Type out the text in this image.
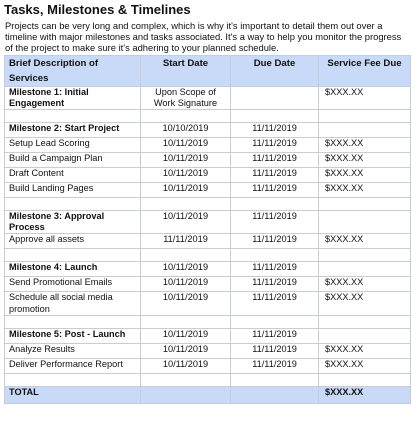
Tasks, Milestones & Timelines
Projects can be very long and complex, which is why it's important to detail them out over a timeline with major milestones and tasks associated. It's a way to help you monitor the progress of the project to make sure it's adhering to your planned schedule.
Brief Description of Services	Start Date	Due Date	Service Fee Due
Milestone 1: Initial Engagement	Upon Scope of Work Signature		$XXX.XX

Milestone 2: Start Project	10/10/2019	11/11/2019	
Setup Lead Scoring	10/11/2019	11/11/2019	$XXX.XX
Build a Campaign Plan	10/11/2019	11/11/2019	$XXX.XX
Draft Content	10/11/2019	11/11/2019	$XXX.XX
Build Landing Pages	10/11/2019	11/11/2019	$XXX.XX

Milestone 3: Approval Process	10/11/2019	11/11/2019	
Approve all assets	11/11/2019	11/11/2019	$XXX.XX

Milestone 4: Launch	10/11/2019	11/11/2019	
Send Promotional Emails	10/11/2019	11/11/2019	$XXX.XX
Schedule all social media promotion	10/11/2019	11/11/2019	$XXX.XX

Milestone 5: Post - Launch	10/11/2019	11/11/2019	
Analyze Results	10/11/2019	11/11/2019	$XXX.XX
Deliver Performance Report	10/11/2019	11/11/2019	$XXX.XX

TOTAL			$XXX.XX
